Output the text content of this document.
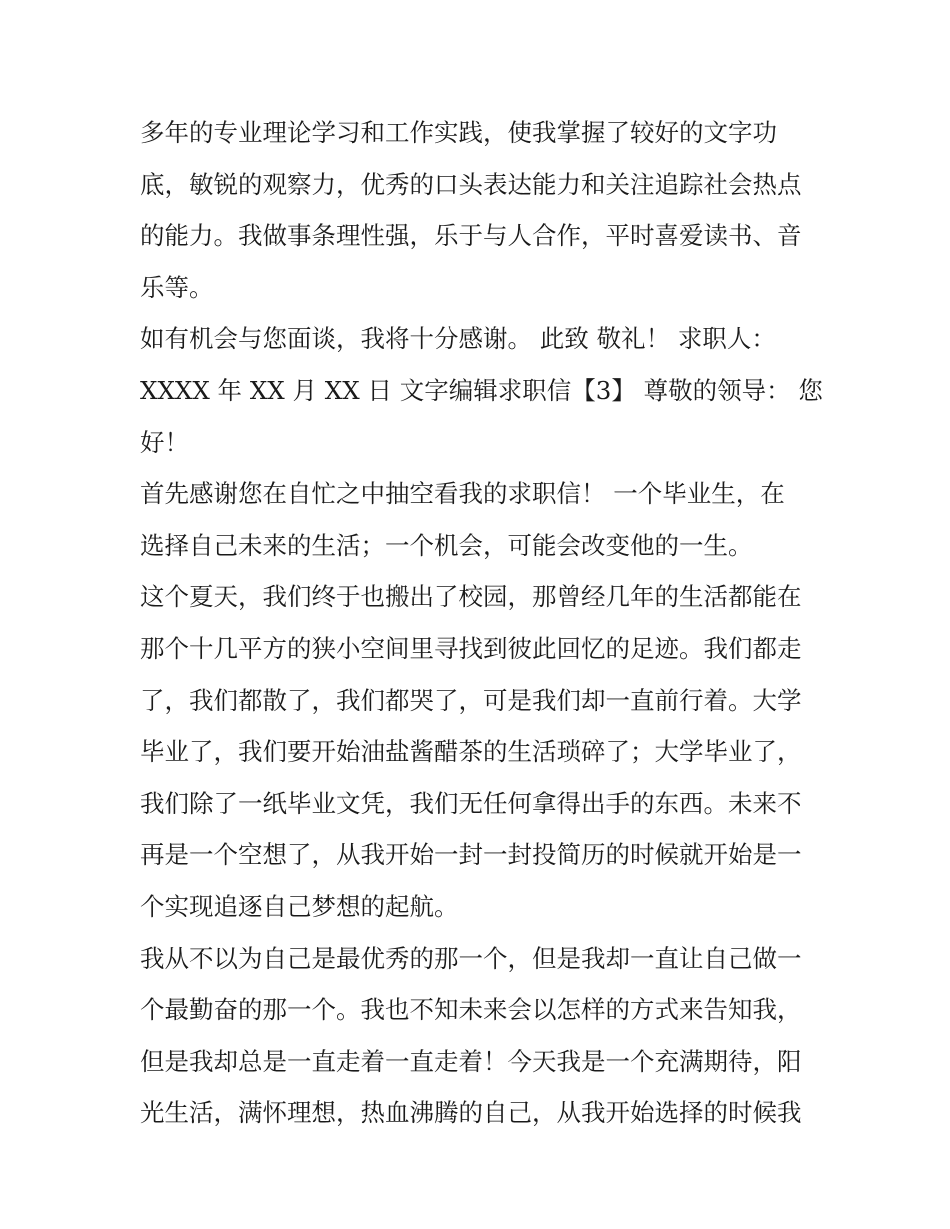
多年的专业理论学习和工作实践，使我掌握了较好的文字功
底，敏锐的观察力，优秀的口头表达能力和关注追踪社会热点
的能力。我做事条理性强，乐于与人合作，平时喜爱读书、音
乐等。
如有机会与您面谈，我将十分感谢。 此致 敬礼！ 求职人：
XXXX 年 XX 月 XX 日 文字编辑求职信【3】 尊敬的领导： 您
好！
首先感谢您在自忙之中抽空看我的求职信！ 一个毕业生，在
选择自己未来的生活；一个机会，可能会改变他的一生。
这个夏天，我们终于也搬出了校园，那曾经几年的生活都能在
那个十几平方的狭小空间里寻找到彼此回忆的足迹。我们都走
了，我们都散了，我们都哭了，可是我们却一直前行着。大学
毕业了，我们要开始油盐酱醋茶的生活琐碎了；大学毕业了，
我们除了一纸毕业文凭，我们无任何拿得出手的东西。未来不
再是一个空想了，从我开始一封一封投简历的时候就开始是一
个实现追逐自己梦想的起航。
我从不以为自己是最优秀的那一个，但是我却一直让自己做一
个最勤奋的那一个。我也不知未来会以怎样的方式来告知我，
但是我却总是一直走着一直走着！今天我是一个充满期待，阳
光生活，满怀理想，热血沸腾的自己，从我开始选择的时候我
